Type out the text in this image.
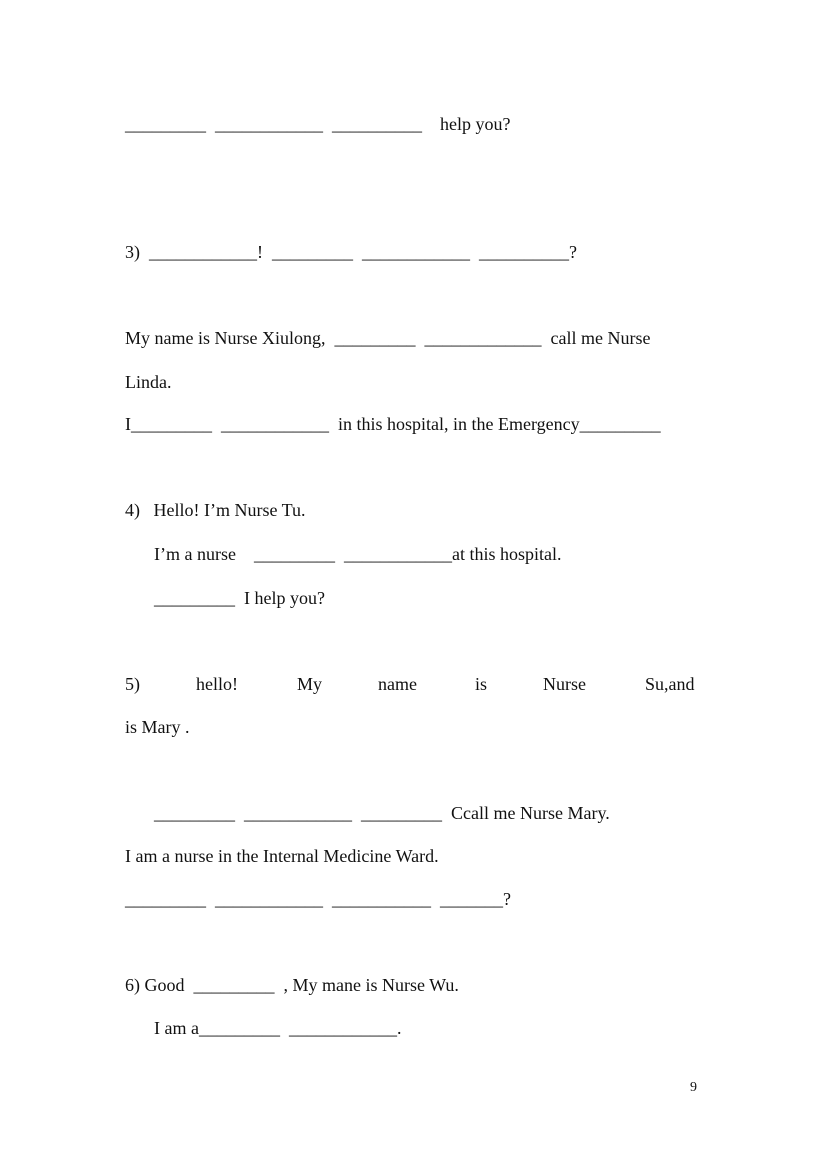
_________  ____________  __________    help you?
3)  ____________!  _________  ____________  __________?
My name is Nurse Xiulong,  _________  _____________  call me Nurse
Linda.
I_________  ____________  in this hospital, in the Emergency_________
4)   Hello! I’m Nurse Tu.
I’m a nurse    _________  ____________at this hospital.
_________  I help you?
5)	hello!	My	name	is	Nurse	Su,and
is Mary .
_________  ____________  _________  Ccall me Nurse Mary.
I am a nurse in the Internal Medicine Ward.
_________  ____________  ___________  _______?
6) Good  _________  , My mane is Nurse Wu.
I am a_________  ____________.
9
